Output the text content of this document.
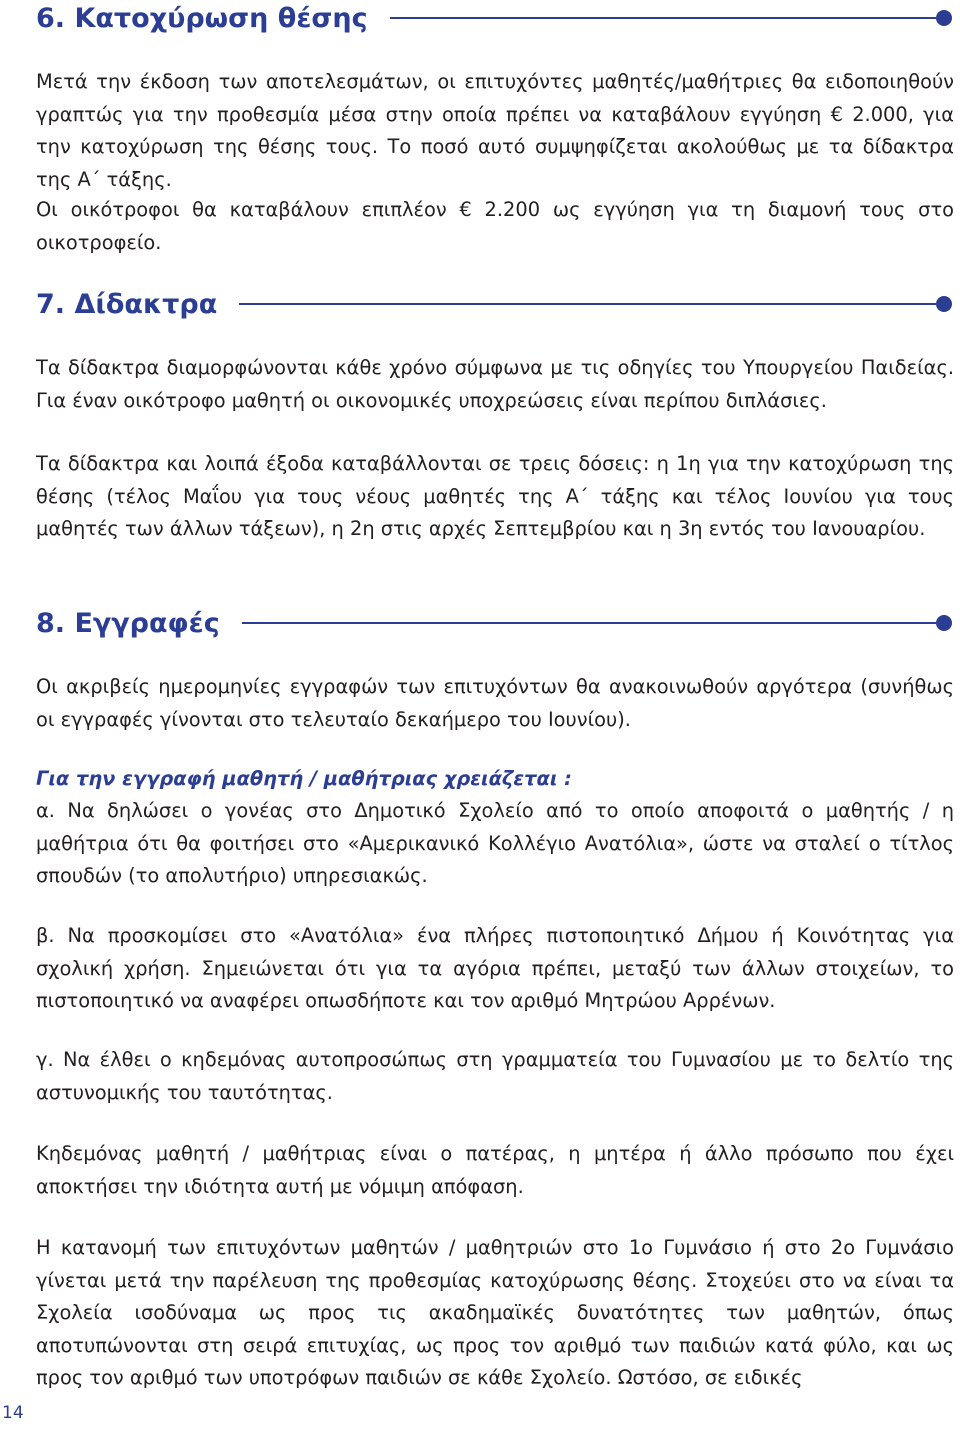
14
6. Κατοχύρωση θέσης

Μετά την έκδοση των αποτελεσμάτων, οι επιτυχόντες μαθητές/μαθήτριες θα ειδοποιηθούν γραπτώς για την προθεσμία μέσα στην οποία πρέπει να καταβάλουν εγγύηση € 2.000, για την κατοχύρωση της θέσης τους. Το ποσό αυτό συμψηφίζεται ακολούθως με τα δίδακτρα της Α΄ τάξης.

Οι οικότροφοι θα καταβάλουν επιπλέον € 2.200 ως εγγύηση για τη διαμονή τους στο οικοτροφείο.

7. Δίδακτρα

Τα δίδακτρα διαμορφώνονται κάθε χρόνο σύμφωνα με τις οδηγίες του Υπουργείου Παιδείας. Για έναν οικότροφο μαθητή οι οικονομικές υποχρεώσεις είναι περίπου διπλάσιες.

Τα δίδακτρα και λοιπά έξοδα καταβάλλονται σε τρεις δόσεις: η 1η για την κατοχύρωση της θέσης (τέλος Μαΐου για τους νέους μαθητές της Α΄ τάξης και τέλος Ιουνίου για τους μαθητές των άλλων τάξεων), η 2η στις αρχές Σεπτεμβρίου και η 3η εντός του Ιανουαρίου.

8. Εγγραφές

Οι ακριβείς ημερομηνίες εγγραφών των επιτυχόντων θα ανακοινωθούν αργότερα (συνήθως οι εγγραφές γίνονται στο τελευταίο δεκαήμερο του Ιουνίου).

Για την εγγραφή μαθητή / μαθήτριας χρειάζεται :

α. Να δηλώσει ο γονέας στο Δημοτικό Σχολείο από το οποίο αποφοιτά ο μαθητής / η μαθήτρια ότι θα φοιτήσει στο «Αμερικανικό Κολλέγιο Ανατόλια», ώστε να σταλεί ο τίτλος σπουδών (το απολυτήριο) υπηρεσιακώς.

β. Να προσκομίσει στο «Ανατόλια» ένα πλήρες πιστοποιητικό Δήμου ή Κοινότητας για σχολική χρήση. Σημειώνεται ότι για τα αγόρια πρέπει, μεταξύ των άλλων στοιχείων, το πιστοποιητικό να αναφέρει οπωσδήποτε και τον αριθμό Μητρώου Αρρένων.

γ. Να έλθει ο κηδεμόνας αυτοπροσώπως στη γραμματεία του Γυμνασίου με το δελτίο της αστυνομικής του ταυτότητας.

Κηδεμόνας μαθητή / μαθήτριας είναι ο πατέρας, η μητέρα ή άλλο πρόσωπο που έχει αποκτήσει την ιδιότητα αυτή με νόμιμη απόφαση.

Η κατανομή των επιτυχόντων μαθητών / μαθητριών στο 1ο Γυμνάσιο ή στο 2ο Γυμνάσιο γίνεται μετά την παρέλευση της προθεσμίας κατοχύρωσης θέσης. Στοχεύει στο να είναι τα Σχολεία ισοδύναμα ως προς τις ακαδημαϊκές δυνατότητες των μαθητών, όπως αποτυπώνονται στη σειρά επιτυχίας, ως προς τον αριθμό των παιδιών κατά φύλο, και ως προς τον αριθμό των υποτρόφων παιδιών σε κάθε Σχολείο. Ωστόσο, σε ειδικές
